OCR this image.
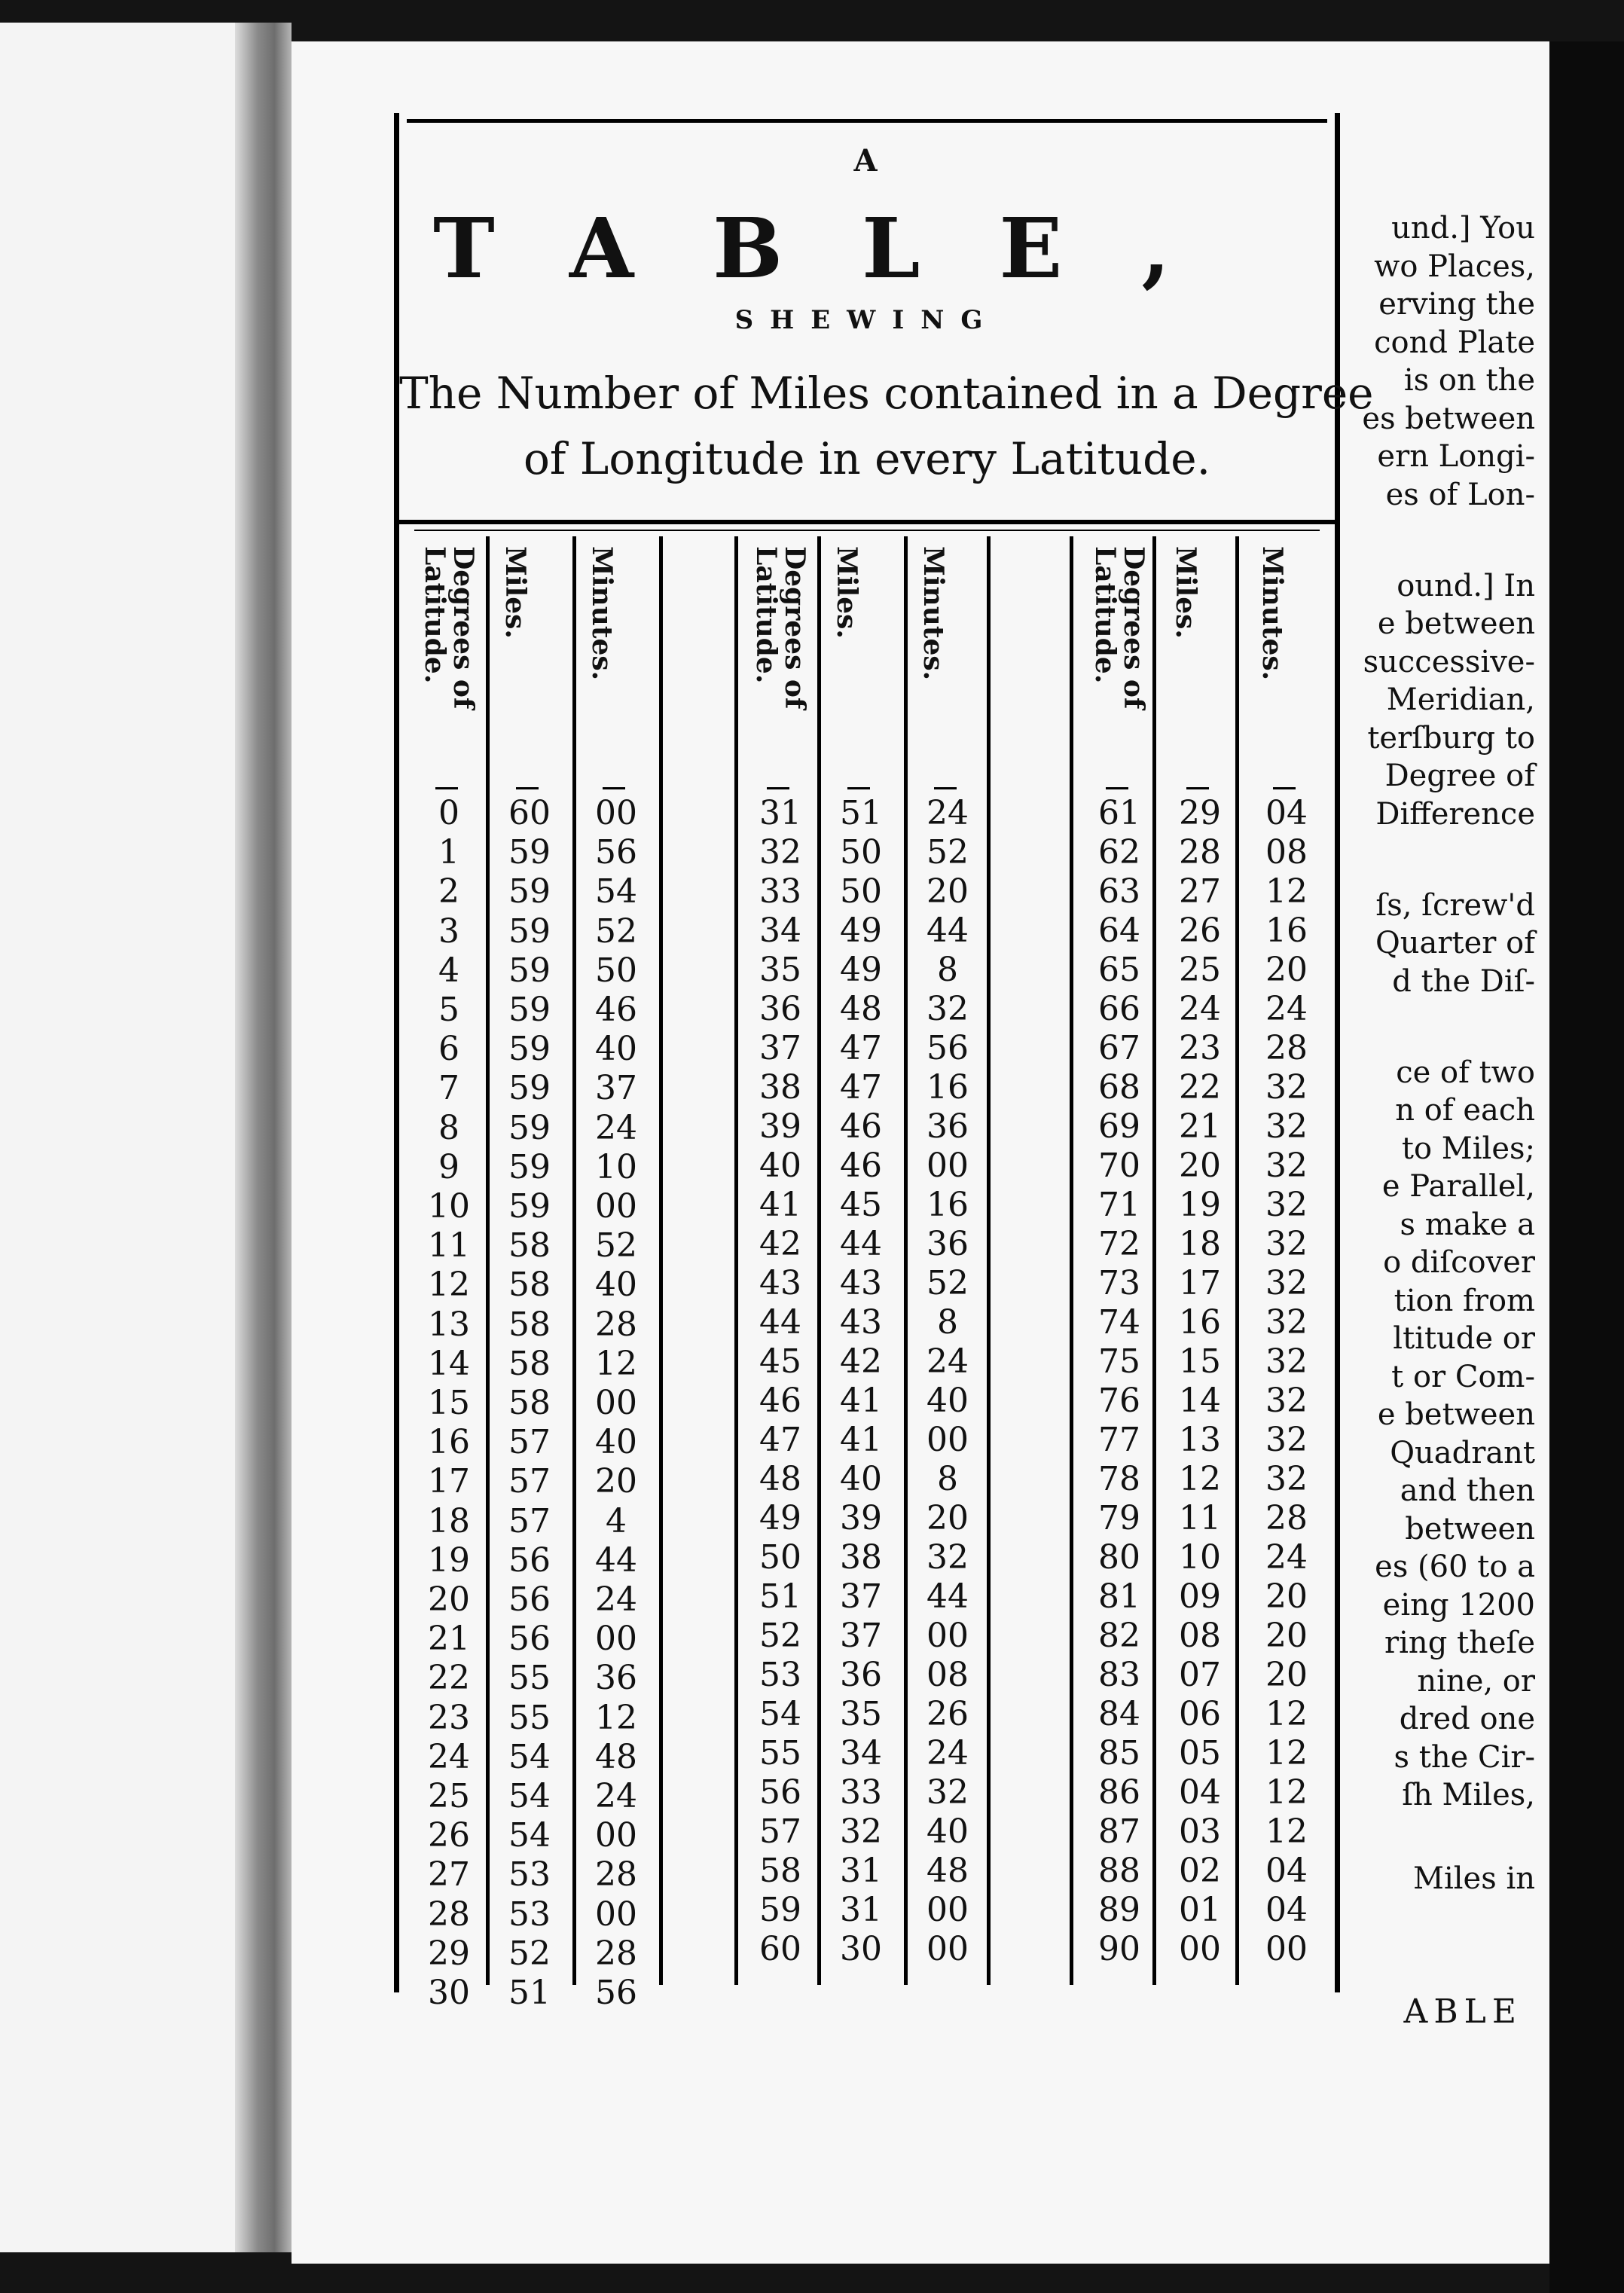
ABLE
A
TABLE,
SHEWING
The Number of Miles contained in a Degree
of Longitude in every Latitude.
Degrees of
Latitude.	Miles. Minutes.
0	60 00
1	59 56
2	59 54
3	59 52
4	59 50
5	59 46
6	59 40
7	59 37
8	59 24
9	59 10
10 59 00
11 58 52
12 58 40
13 58 28
14 58 12
15 58 00
16 57 40
17 57 20
18 57	4
19 56 44
20 56 24
21 56 00
22 55 36
23 55 12
24 54 48
25 54 24
26 54 00
27 53 28
28 53 00
29 52 28
30 51 56
Degrees of
Latitude.	Miles. Minutes.
31 51 24
32 50 52
33 50 20
34 49 44
35 49	8
36 48 32
37 47 56
38 47 16
39 46 36
40 46 00
41 45 16
42 44 36
43 43 52
44 43	8
45 42 24
46 41 40
47 41 00
48 40	8
49 39 20
50 38 32
51 37 44
52 37 00
53 36 08
54 35 26
55 34 24
56 33 32
57 32 40
58 31 48
59 31 00
60 30 00
Degrees of
Latitude.	Miles. Minutes.
61 29 04
62 28 08
63 27 12
64 26 16
65 25 20
66 24 24
67 23 28
68 22 32
69 21 32
70 20 32
71 19 32
72 18 32
73 17 32
74 16 32
75 15 32
76 14 32
77 13 32
78 12 32
79 11 28
80 10 24
81 09 20
82 08 20
83 07 20
84 06 12
85 05 12
86 04 12
87 03 12
88 02 04
89 01 04
90 00 00
und.] You
wo Places,
erving the
cond Plate
is on the
es between
ern Longi-
es of Lon-
ound.] In
e between
successive-
Meridian,
terſburg to
Degree of
Difference
ſs, ſcrew'd
Quarter of
d the Diſ-
ce of two
n of each
to Miles;
e Parallel,
s make a
o diſcover
tion from
ltitude or
t or Com-
e between
Quadrant
and then
between
es (60 to a
eing 1200
ring theſe
nine, or
dred one
s the Cir-
ſh Miles,
Miles in
